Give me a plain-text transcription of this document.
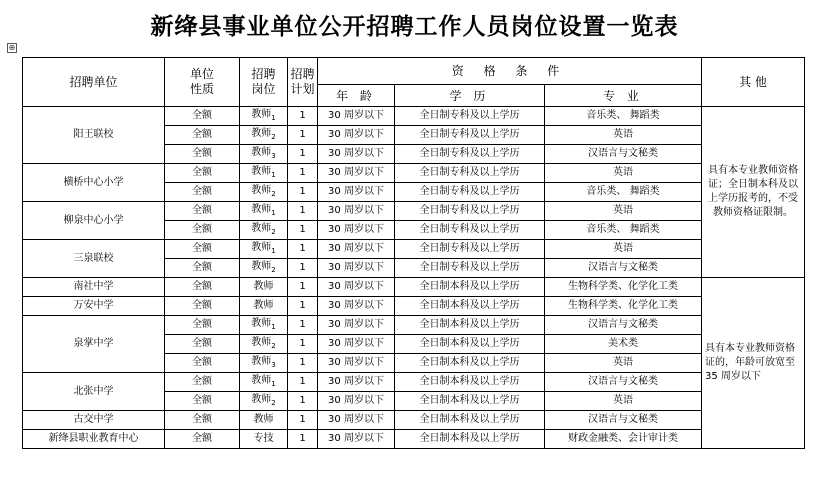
新绛县事业单位公开招聘工作人员岗位设置一览表
⊕
招聘单位	单位性质	招聘岗位	招聘计划	资 格 条 件			其 他
				年 龄	学 历	专 业	
阳王联校	全额	教师$_1$	1	30 周岁以下	全日制专科及以上学历	音乐类、 舞蹈类	具有本专业教师资格证；全日制本科及以上学历报考的，不受教师资格证限制。
	全额	教师$_2$	1	30 周岁以下	全日制专科及以上学历	英语	
	全额	教师$_3$	1	30 周岁以下	全日制专科及以上学历	汉语言与文秘类	
横桥中心小学	全额	教师$_1$	1	30 周岁以下	全日制专科及以上学历	英语	
	全额	教师$_2$	1	30 周岁以下	全日制专科及以上学历	音乐类、 舞蹈类	
柳泉中心小学	全额	教师$_1$	1	30 周岁以下	全日制专科及以上学历	英语	
	全额	教师$_2$	1	30 周岁以下	全日制专科及以上学历	音乐类、 舞蹈类	
三泉联校	全额	教师$_1$	1	30 周岁以下	全日制专科及以上学历	英语	
	全额	教师$_2$	1	30 周岁以下	全日制专科及以上学历	汉语言与文秘类	
南社中学	全额	教师	1	30 周岁以下	全日制本科及以上学历	生物科学类、化学化工类	具有本专业教师资格证的，年龄可放宽至 35 周岁以下
万安中学	全额	教师	1	30 周岁以下	全日制本科及以上学历	生物科学类、化学化工类	
泉掌中学	全额	教师$_1$	1	30 周岁以下	全日制本科及以上学历	汉语言与文秘类	
	全额	教师$_2$	1	30 周岁以下	全日制本科及以上学历	美术类	
	全额	教师$_3$	1	30 周岁以下	全日制本科及以上学历	英语	
北张中学	全额	教师$_1$	1	30 周岁以下	全日制本科及以上学历	汉语言与文秘类	
	全额	教师$_2$	1	30 周岁以下	全日制本科及以上学历	英语	
古交中学	全额	教师	1	30 周岁以下	全日制本科及以上学历	汉语言与文秘类	
新绛县职业教育中心	全额	专技	1	30 周岁以下	全日制本科及以上学历	财政金融类、会计审计类	
